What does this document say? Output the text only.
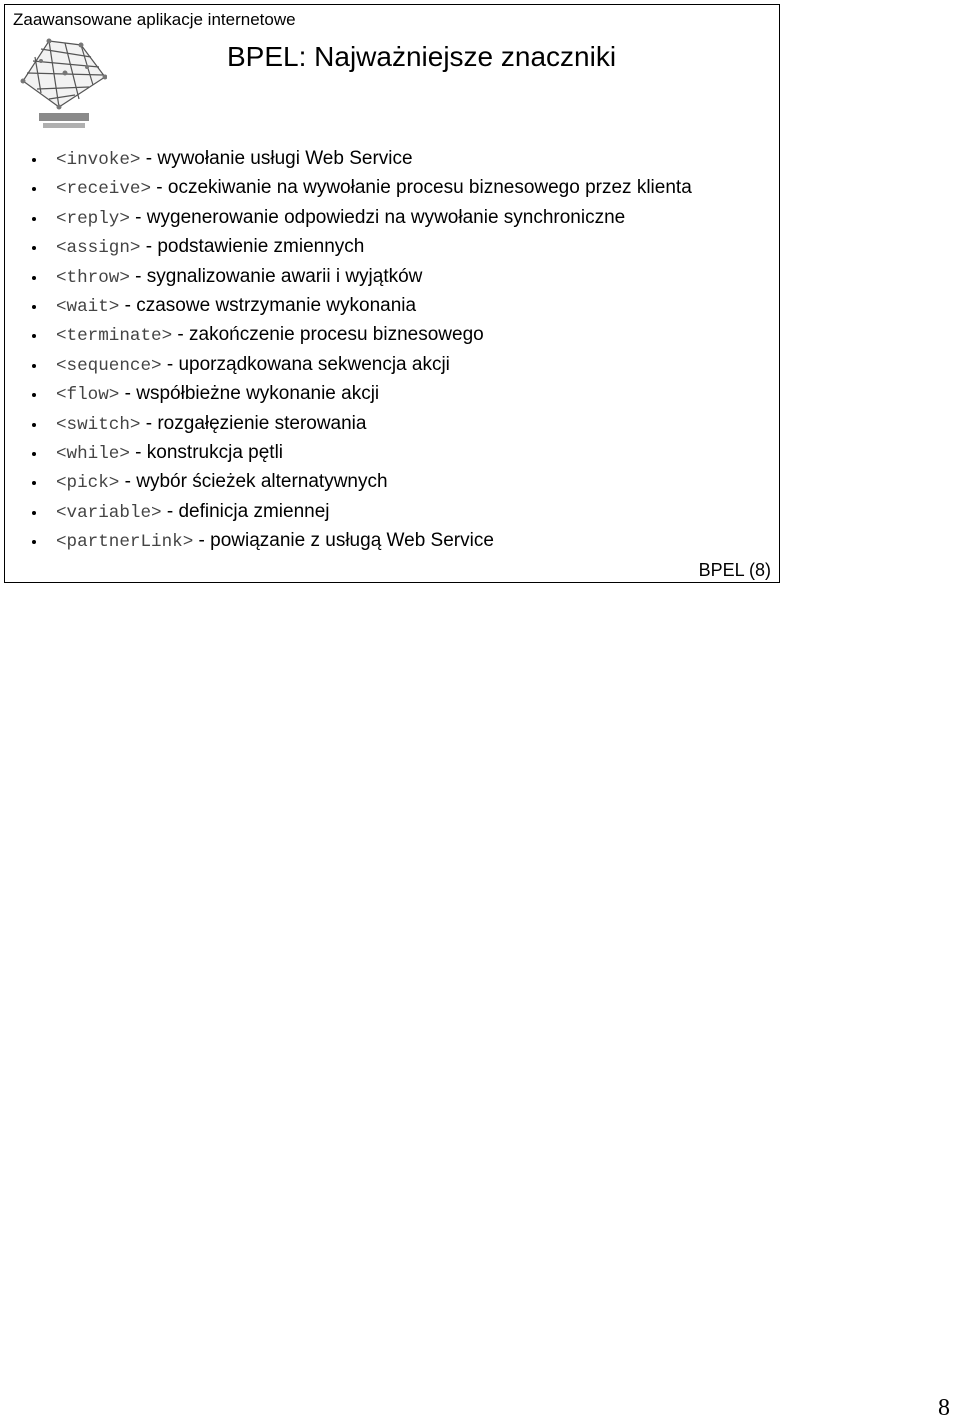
Zaawansowane aplikacje internetowe
BPEL: Najważniejsze znaczniki
<invoke> - wywołanie usługi Web Service
<receive> - oczekiwanie na wywołanie procesu biznesowego przez klienta
<reply> - wygenerowanie odpowiedzi na wywołanie synchroniczne
<assign> - podstawienie zmiennych
<throw> - sygnalizowanie awarii i wyjątków
<wait> - czasowe wstrzymanie wykonania
<terminate> - zakończenie procesu biznesowego
<sequence> - uporządkowana sekwencja akcji
<flow> - współbieżne wykonanie akcji
<switch> - rozgałęzienie sterowania
<while> - konstrukcja pętli
<pick> - wybór ścieżek alternatywnych
<variable> - definicja zmiennej
<partnerLink> - powiązanie z usługą Web Service
BPEL (8)
8
